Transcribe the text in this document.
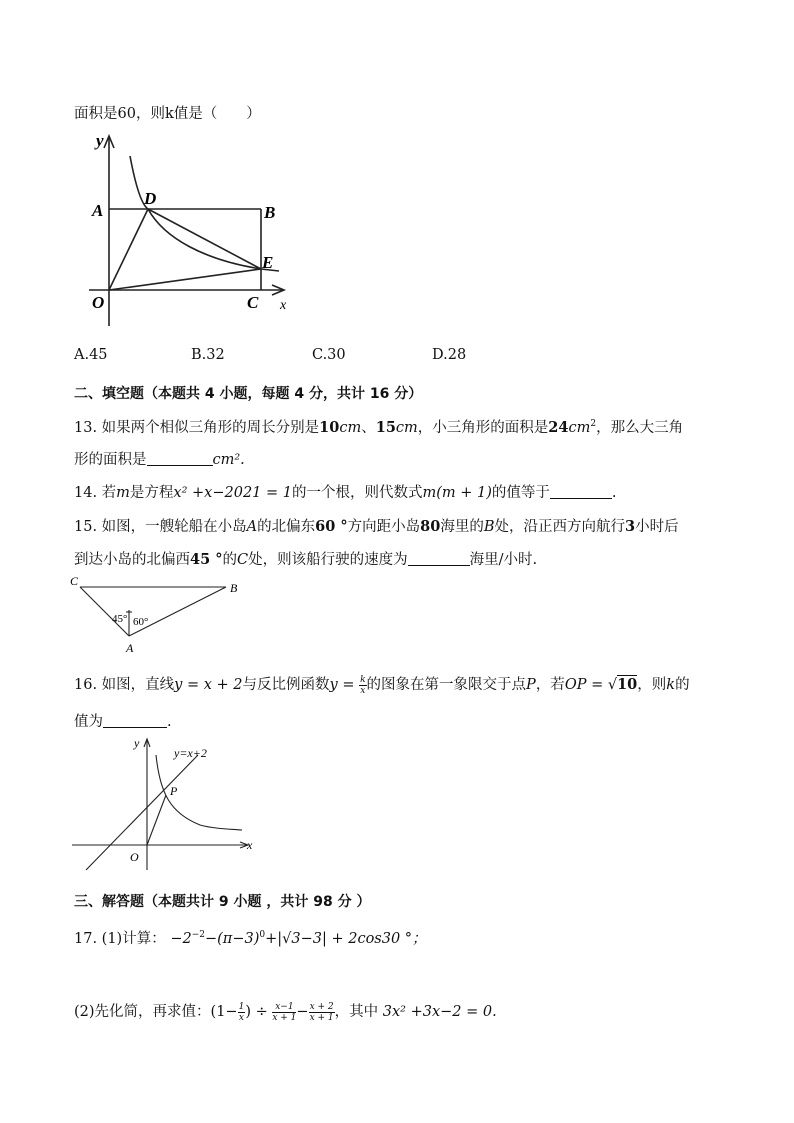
面积是60，则k值是（　　）
y
A
D
B
E
O	C x
A.45	B.32	C.30	D.28
二、填空题（本题共 4 小题，每题 4 分，共计 16 分）
13. 如果两个相似三角形的周长分别是10cm、15cm，小三角形的面积是$24cm^2$，那么大三角
形的面积是	cm².
14. 若m是方程x² +x−2021 = 1的一个根，则代数式m(m + 1)的值等于	.
15. 如图，一艘轮船在小岛A的北偏东60 °方向距小岛80海里的B处，沿正西方向航行3小时后
到达小岛的北偏西45 °的C处，则该船行驶的速度为	海里/小时.
C	B
A
45° 60°
16. 如图，直线y = x + 2与反比例函数$y = \frac{k}{x}$ 的图象在第一象限交于点P，若OP = √10，则k的
值为	.
y
y=x+2
P
O
x
三、解答题（本题共计 9 小题 ，共计 98 分 ）
17. (1)计算： $-2^{-2}-(\pi-3)^0+|√3-3| + 2\cos 30$ °；
(2)先化简，再求值：($1- \frac{1}{x}$ ) ÷ $\frac{x-1}{x + 1} - \frac{x + 2}{x + 1}$ ，其中 3x² +3x−2 = 0.
